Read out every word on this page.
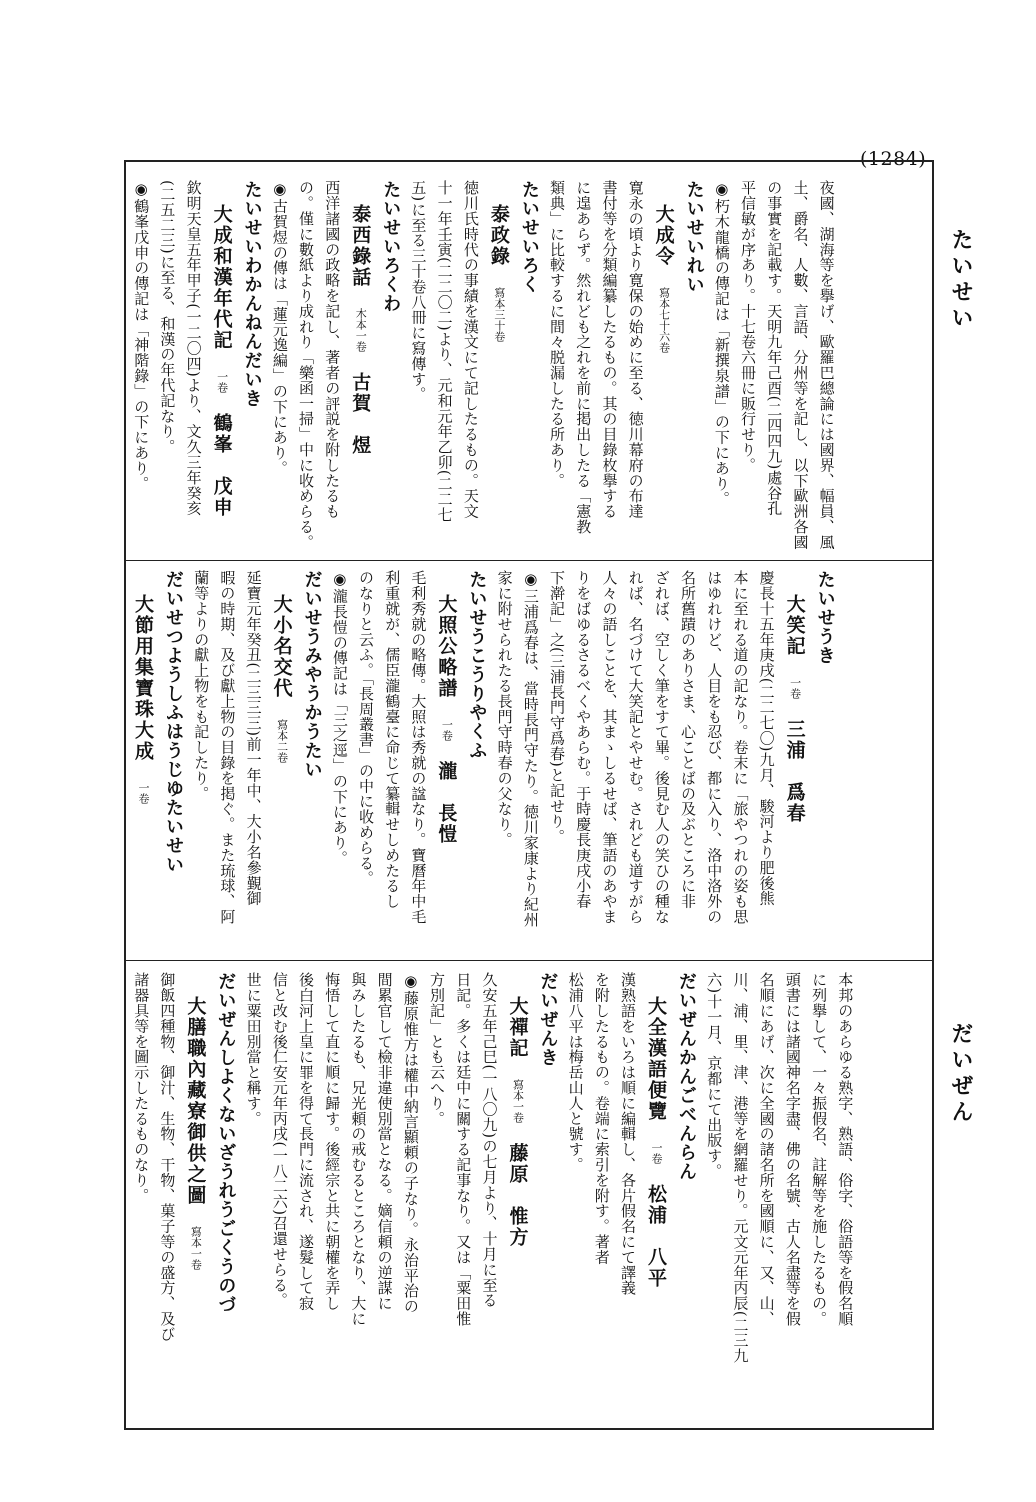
(1284)
たいせい
だいぜん

夜國、湖海等を擧げ、歐羅巴總論には國界、幅員、風

土、爵名、人數、言語、分州等を記し、以下歐洲各國

の事實を記載す。天明九年己酉(二四四九)處谷孔

平信敏が序あり。十七卷六冊に販行せり。

◉朽木龍橋の傳記は「新撰泉譜」の下にあり。

たいせいれい

大成令寫本七十六卷

寛永の頃より寛保の始めに至る、徳川幕府の布達

書付等を分類編纂したるもの。其の目錄枚擧する

に遑あらず。然れども之れを前に掲出したる「憲教

類典」に比較するに間々脱漏したる所あり。

たいせいろく

泰政錄寫本三十卷

徳川氏時代の事績を漢文にて記したるもの。天文

十一年壬寅(二二〇二)より、元和元年乙卯(二二七

五)に至る三十卷八冊に寫傳す。

たいせいろくわ

泰西錄話木本一卷古賀　煜

西洋諸國の政略を記し、著者の評説を附したるも

の。僅に數紙より成れり「樂函一掃」中に收めらる。

◉古賀煜の傳は「蓮元逸編」の下にあり。

たいせいわかんねんだいき

大成和漢年代記一卷鶴峯　戊申

欽明天皇五年甲子(一二〇四)より、文久三年癸亥

(二五二三)に至る、和漢の年代記なり。

◉鶴峯戊申の傳記は「神階錄」の下にあり。

たいせうき

大笑記一卷三浦　爲春

慶長十五年庚戌(二二七〇)九月、駿河より肥後熊

本に至れる道の記なり。卷末に「旅やつれの姿も思

はゆれけど、人目をも忍び、都に入り、洛中洛外の

名所舊蹟のありさま、心ことばの及ぶところに非

ざれば、空しく筆をすて畢。後見む人の笑ひの種な

れば、名づけて大笑記とやせむ。されども道すがら

人々の語しことを、其まゝしるせば、筆語のあやま

りをばゆるさるべくやあらむ。于時慶長庚戌小春

下澣記」之(三浦長門守爲春)と記せり。

◉三浦爲春は、當時長門守たり。徳川家康より紀州

家に附せられたる長門守時春の父なり。

たいせうこうりやくふ

大照公略譜一卷瀧　長愷

毛利秀就の略傳。大照は秀就の諡なり。寶曆年中毛

利重就が、儒臣瀧鶴臺に命じて纂輯せしめたるし

のなりと云ふ。「長周叢書」の中に收めらる。

◉瀧長愷の傳記は「三之逕」の下にあり。

だいせうみやうかうたい

大小名交代寫本二卷

延寶元年癸丑(二三三三)前一年中、大小名參覲御

暇の時期、及び獻上物の目錄を掲ぐ。また琉球、阿

蘭等よりの獻上物をも記したり。

だいせつようしふはうじゆたいせい

大節用集寶珠大成一卷

本邦のあらゆる熟字、熟語、俗字、俗語等を假名順

に列擧して、一々振假名、註解等を施したるもの。

頭書には諸國神名字盡、佛の名號、古人名盡等を假

名順にあげ、次に全國の諸名所を國順に、又、山、

川、浦、里、津、港等を網羅せり。元文元年丙辰(二三九

六)十一月、京都にて出版す。

だいぜんかんごべんらん

大全漢語便覽一卷松浦　八平

漢熟語をいろは順に編輯し、各片假名にて譯義

を附したるもの。卷端に索引を附す。著者

松浦八平は梅岳山人と號す。

だいぜんき

大禪記寫本一卷藤原　惟方

久安五年己巳(一八〇九)の七月より、十月に至る

日記。多くは廷中に關する記事なり。又は「粟田惟

方別記」とも云へり。

◉藤原惟方は權中納言顯頼の子なり。永治平治の

間累官して檢非違使別當となる。嫡信頼の逆謀に

與みしたるも、兄光頼の戒むるところとなり、大に

悔悟して直に順に歸す。後經宗と共に朝權を弄し

後白河上皇に罪を得て長門に流され、遂髮して寂

信と改む後仁安元年丙戌(一八二六)召還せらる。

世に粟田別當と稱す。

だいぜんしよくないざうれうごくうのづ

大膳職內藏寮御供之圖寫本一卷

御飯四種物、御汁、生物、干物、菓子等の盛方、及び

諸器具等を圖示したるものなり。
